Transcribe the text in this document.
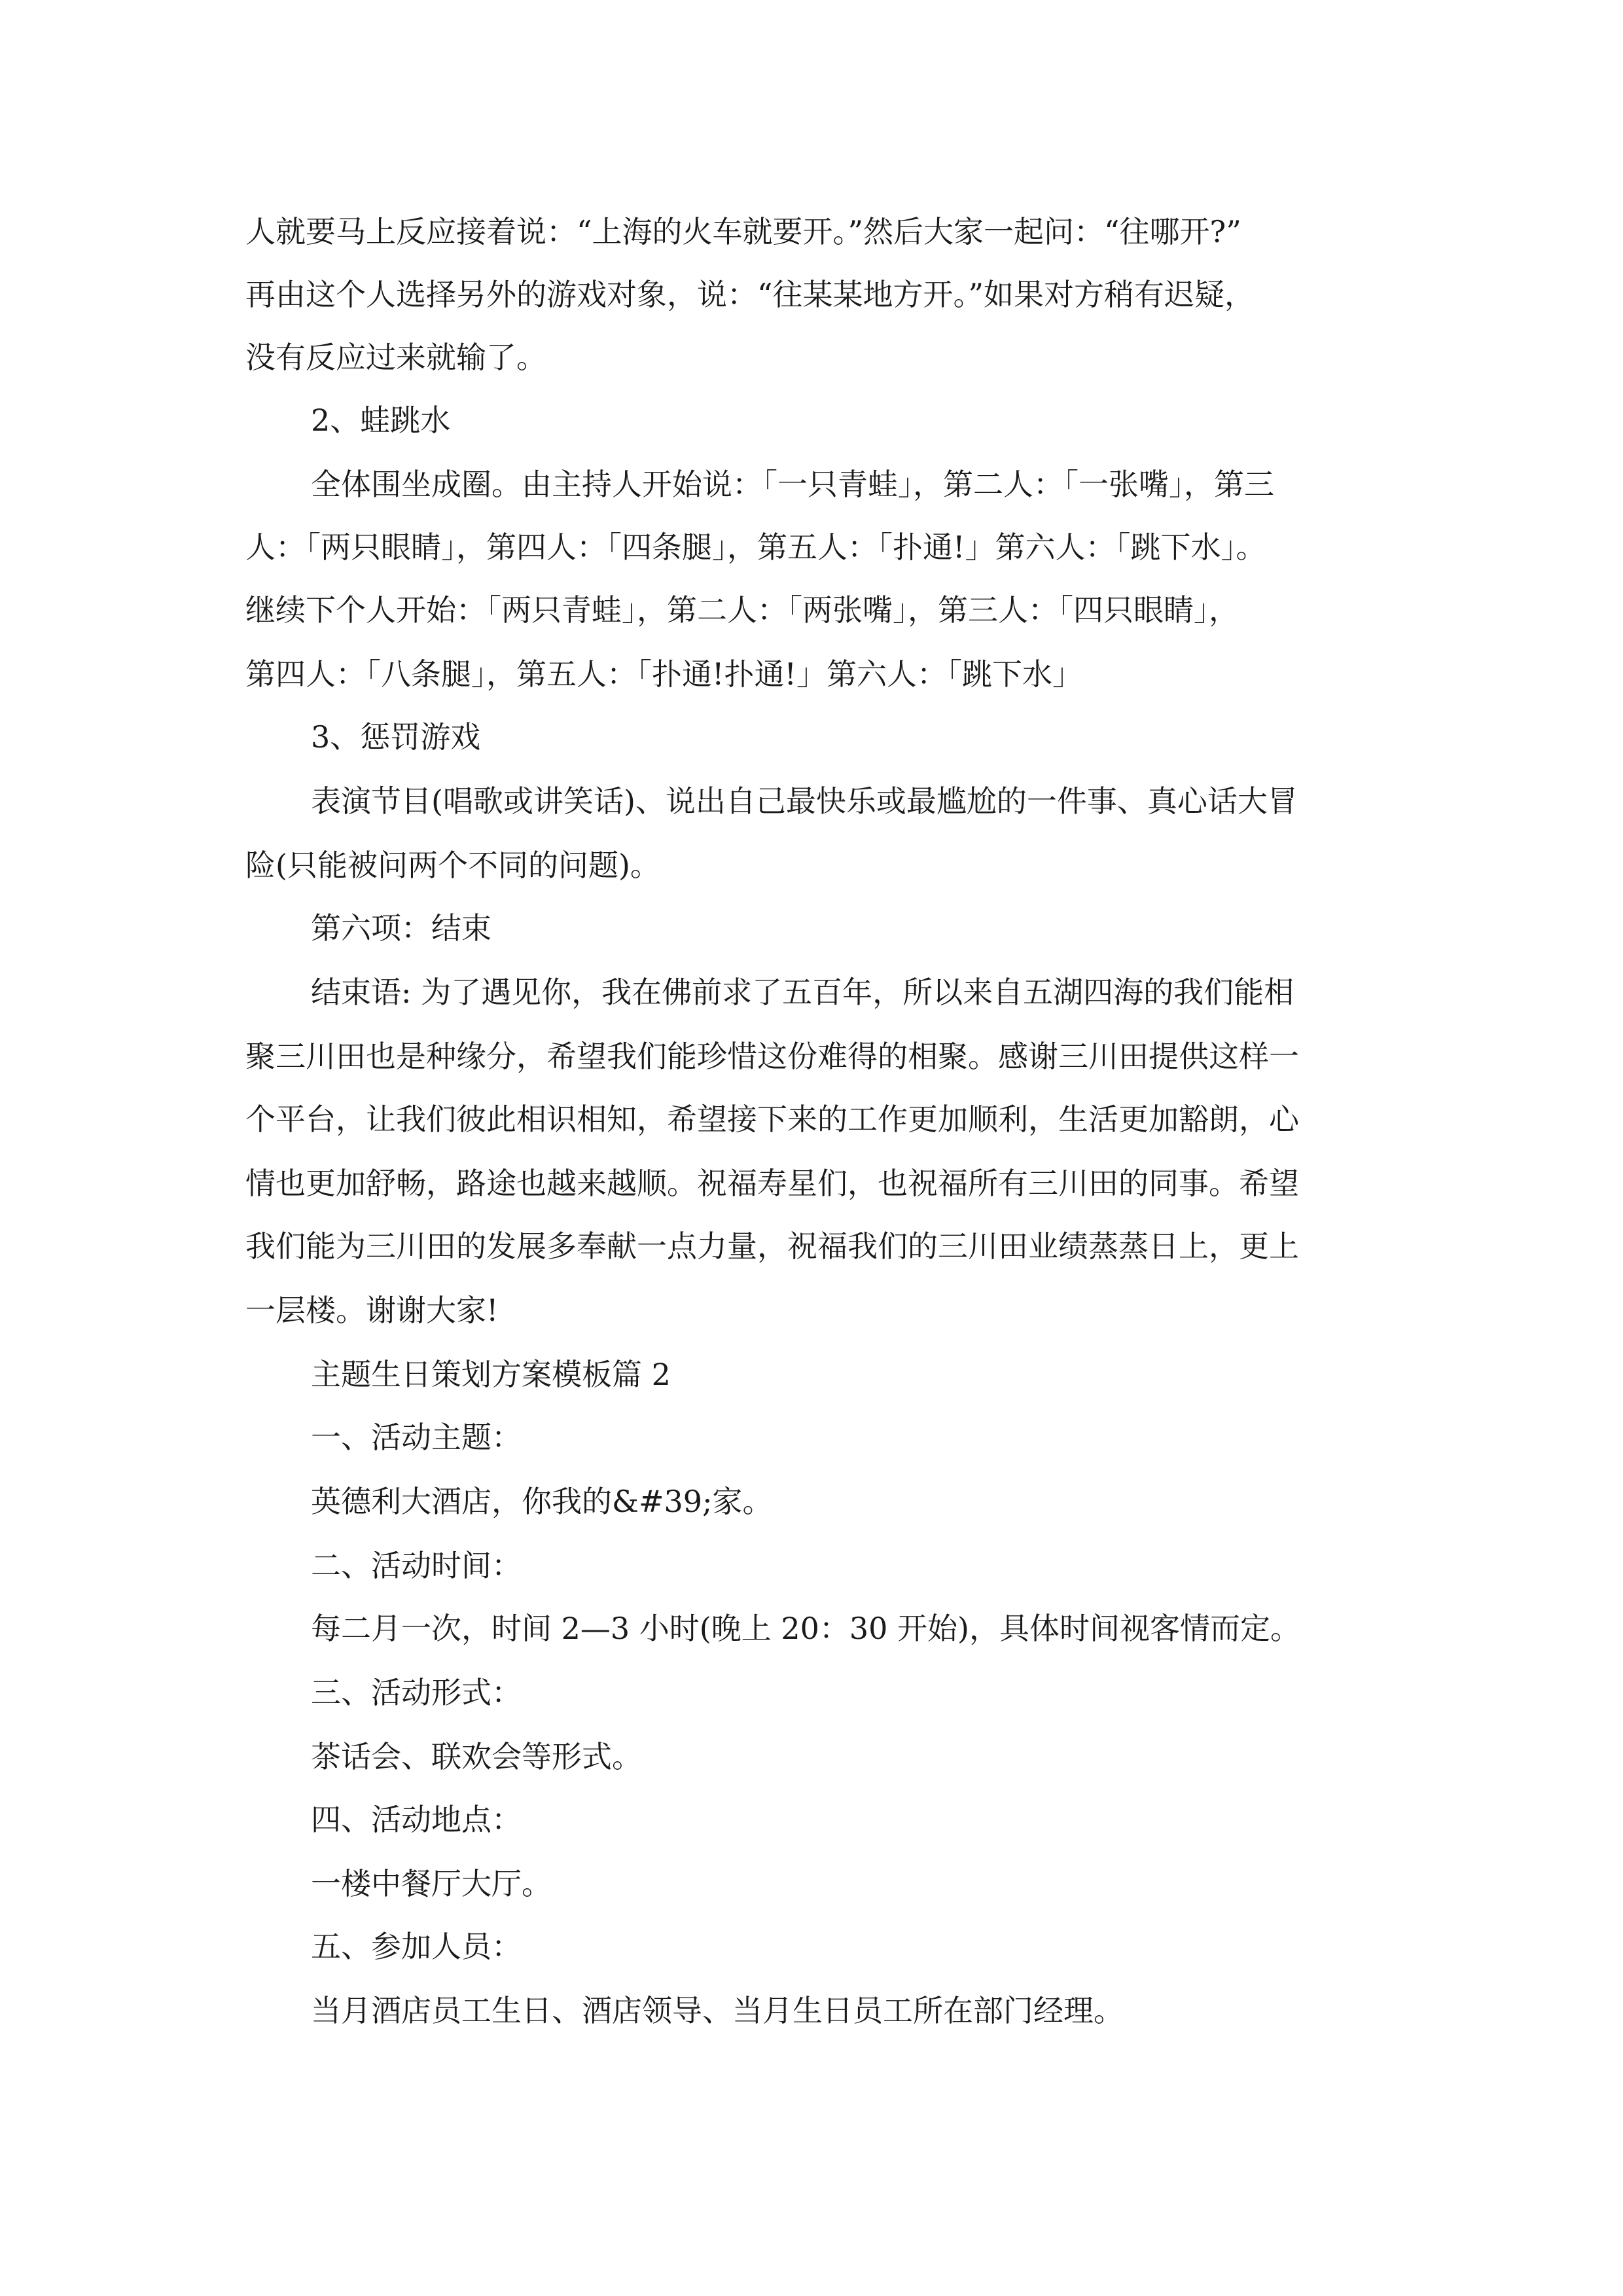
人就要马上反应接着说：“上海的火车就要开。”然后大家一起问：“往哪开?”

再由这个人选择另外的游戏对象，说：“往某某地方开。”如果对方稍有迟疑，

没有反应过来就输了。

2、蛙跳水

全体围坐成圈。由主持人开始说：「一只青蛙」，第二人：「一张嘴」，第三

人：「两只眼睛」，第四人：「四条腿」，第五人：「扑通!」第六人：「跳下水」。

继续下个人开始：「两只青蛙」，第二人：「两张嘴」，第三人：「四只眼睛」，

第四人：「八条腿」，第五人：「扑通!扑通!」第六人：「跳下水」

3、惩罚游戏

表演节目(唱歌或讲笑话)、说出自己最快乐或最尴尬的一件事、真心话大冒

险(只能被问两个不同的问题)。

第六项：结束

结束语: 为了遇见你，我在佛前求了五百年，所以来自五湖四海的我们能相

聚三川田也是种缘分，希望我们能珍惜这份难得的相聚。感谢三川田提供这样一

个平台，让我们彼此相识相知，希望接下来的工作更加顺利，生活更加豁朗，心

情也更加舒畅，路途也越来越顺。祝福寿星们，也祝福所有三川田的同事。希望

我们能为三川田的发展多奉献一点力量，祝福我们的三川田业绩蒸蒸日上，更上

一层楼。谢谢大家!

主题生日策划方案模板篇 2

一、活动主题：

英德利大酒店，你我的&#39;家。

二、活动时间：

每二月一次，时间 2—3 小时(晚上 20：30 开始)，具体时间视客情而定。

三、活动形式：

茶话会、联欢会等形式。

四、活动地点：

一楼中餐厅大厅。

五、参加人员：

当月酒店员工生日、酒店领导、当月生日员工所在部门经理。
